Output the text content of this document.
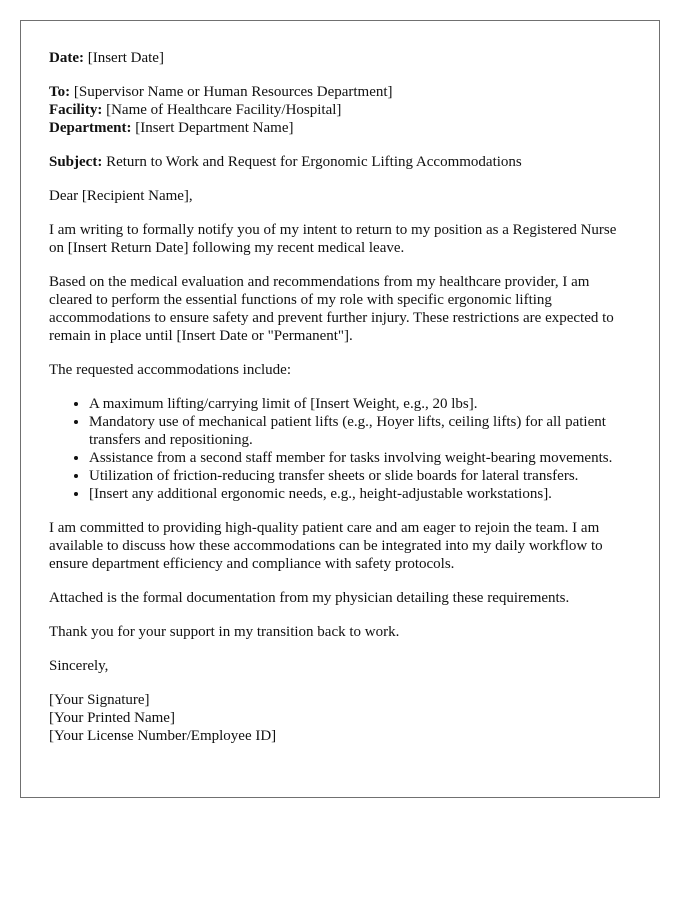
Date: [Insert Date]

To: [Supervisor Name or Human Resources Department]
Facility: [Name of Healthcare Facility/Hospital]
Department: [Insert Department Name]

Subject: Return to Work and Request for Ergonomic Lifting Accommodations

Dear [Recipient Name],

I am writing to formally notify you of my intent to return to my position as a Registered Nurse on [Insert Return Date] following my recent medical leave.

Based on the medical evaluation and recommendations from my healthcare provider, I am cleared to perform the essential functions of my role with specific ergonomic lifting accommodations to ensure safety and prevent further injury. These restrictions are expected to remain in place until [Insert Date or "Permanent"].

The requested accommodations include:

• A maximum lifting/carrying limit of [Insert Weight, e.g., 20 lbs].
• Mandatory use of mechanical patient lifts (e.g., Hoyer lifts, ceiling lifts) for all patient transfers and repositioning.
• Assistance from a second staff member for tasks involving weight-bearing movements.
• Utilization of friction-reducing transfer sheets or slide boards for lateral transfers.
• [Insert any additional ergonomic needs, e.g., height-adjustable workstations].

I am committed to providing high-quality patient care and am eager to rejoin the team. I am available to discuss how these accommodations can be integrated into my daily workflow to ensure department efficiency and compliance with safety protocols.

Attached is the formal documentation from my physician detailing these requirements.

Thank you for your support in my transition back to work.

Sincerely,

[Your Signature]
[Your Printed Name]
[Your License Number/Employee ID]
